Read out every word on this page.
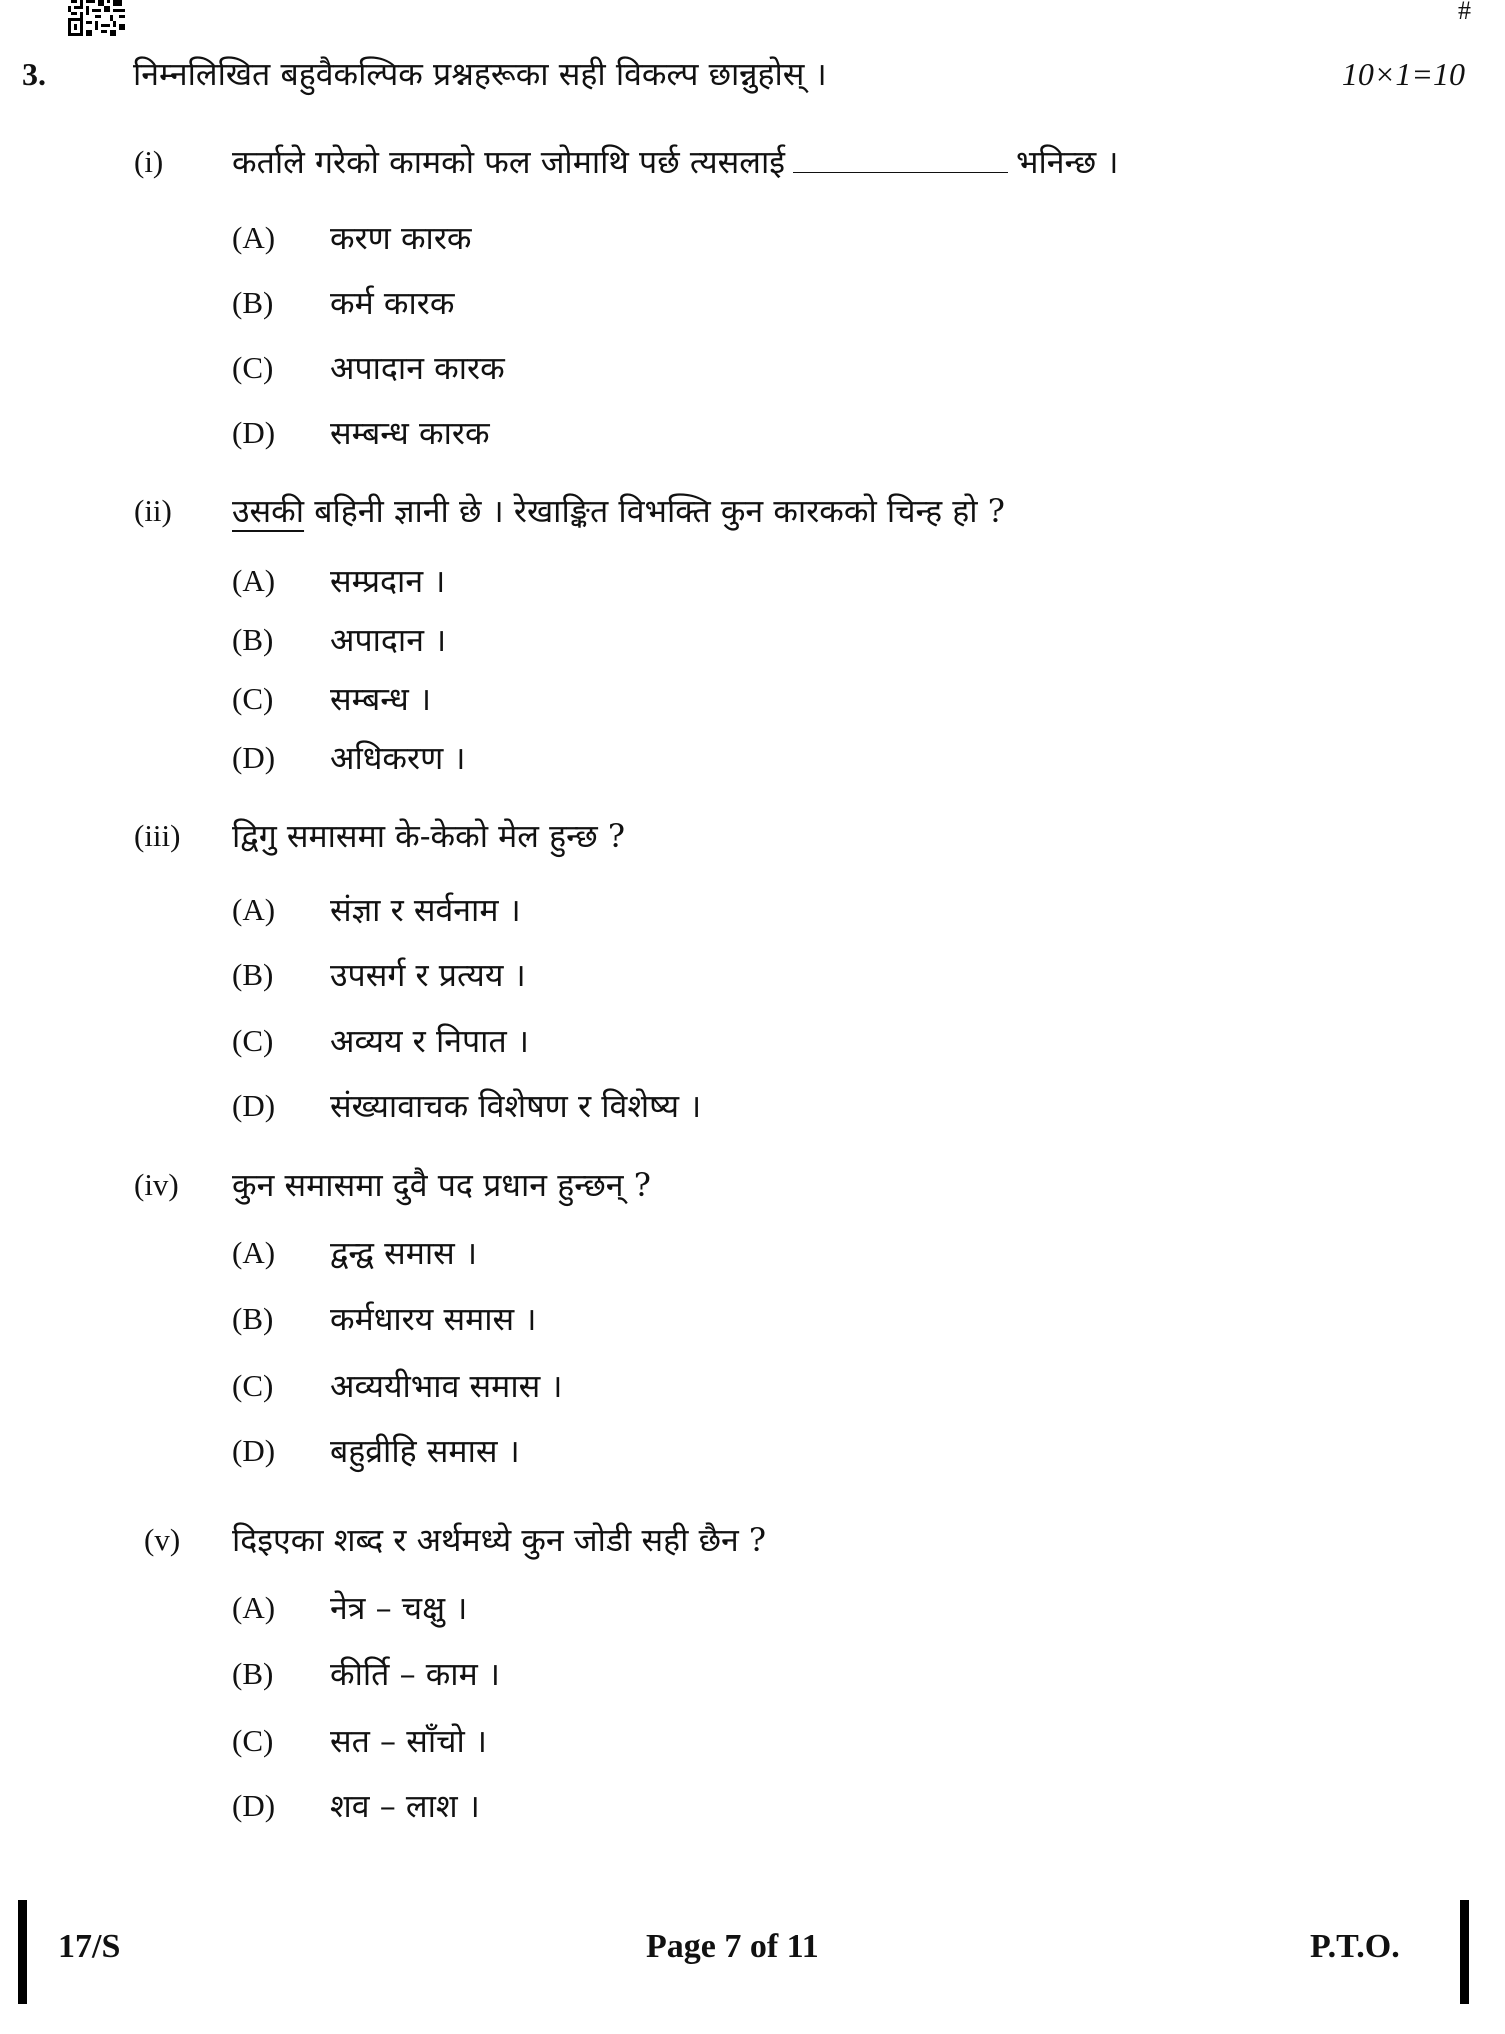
#
3.	निम्नलिखित बहुवैकल्पिक प्रश्नहरूका सही विकल्प छान्नुहोस् ।	10×1=10
(i) कर्ताले गरेको कामको फल जोमाथि पर्छ त्यसलाई	भनिन्छ ।
(A) करण कारक
(B) कर्म कारक
(C) अपादान कारक
(D) सम्बन्ध कारक
(ii) उसकी बहिनी ज्ञानी छे । रेखाङ्कित विभक्ति कुन कारकको चिन्ह हो ?
(A) सम्प्रदान ।
(B) अपादान ।
(C) सम्बन्ध ।
(D) अधिकरण ।
(iii) द्विगु समासमा के-केको मेल हुन्छ ?
(A) संज्ञा र सर्वनाम ।
(B) उपसर्ग र प्रत्यय ।
(C) अव्यय र निपात ।
(D) संख्यावाचक विशेषण र विशेष्य ।
(iv) कुन समासमा दुवै पद प्रधान हुन्छन् ?
(A) द्वन्द्व समास ।
(B) कर्मधारय समास ।
(C) अव्ययीभाव समास ।
(D) बहुव्रीहि समास ।
(v) दिइएका शब्द र अर्थमध्ये कुन जोडी सही छैन ?
(A) नेत्र – चक्षु ।
(B) कीर्ति – काम ।
(C) सत – साँचो ।
(D) शव – लाश ।
17/S	Page 7 of 11	P.T.O.
